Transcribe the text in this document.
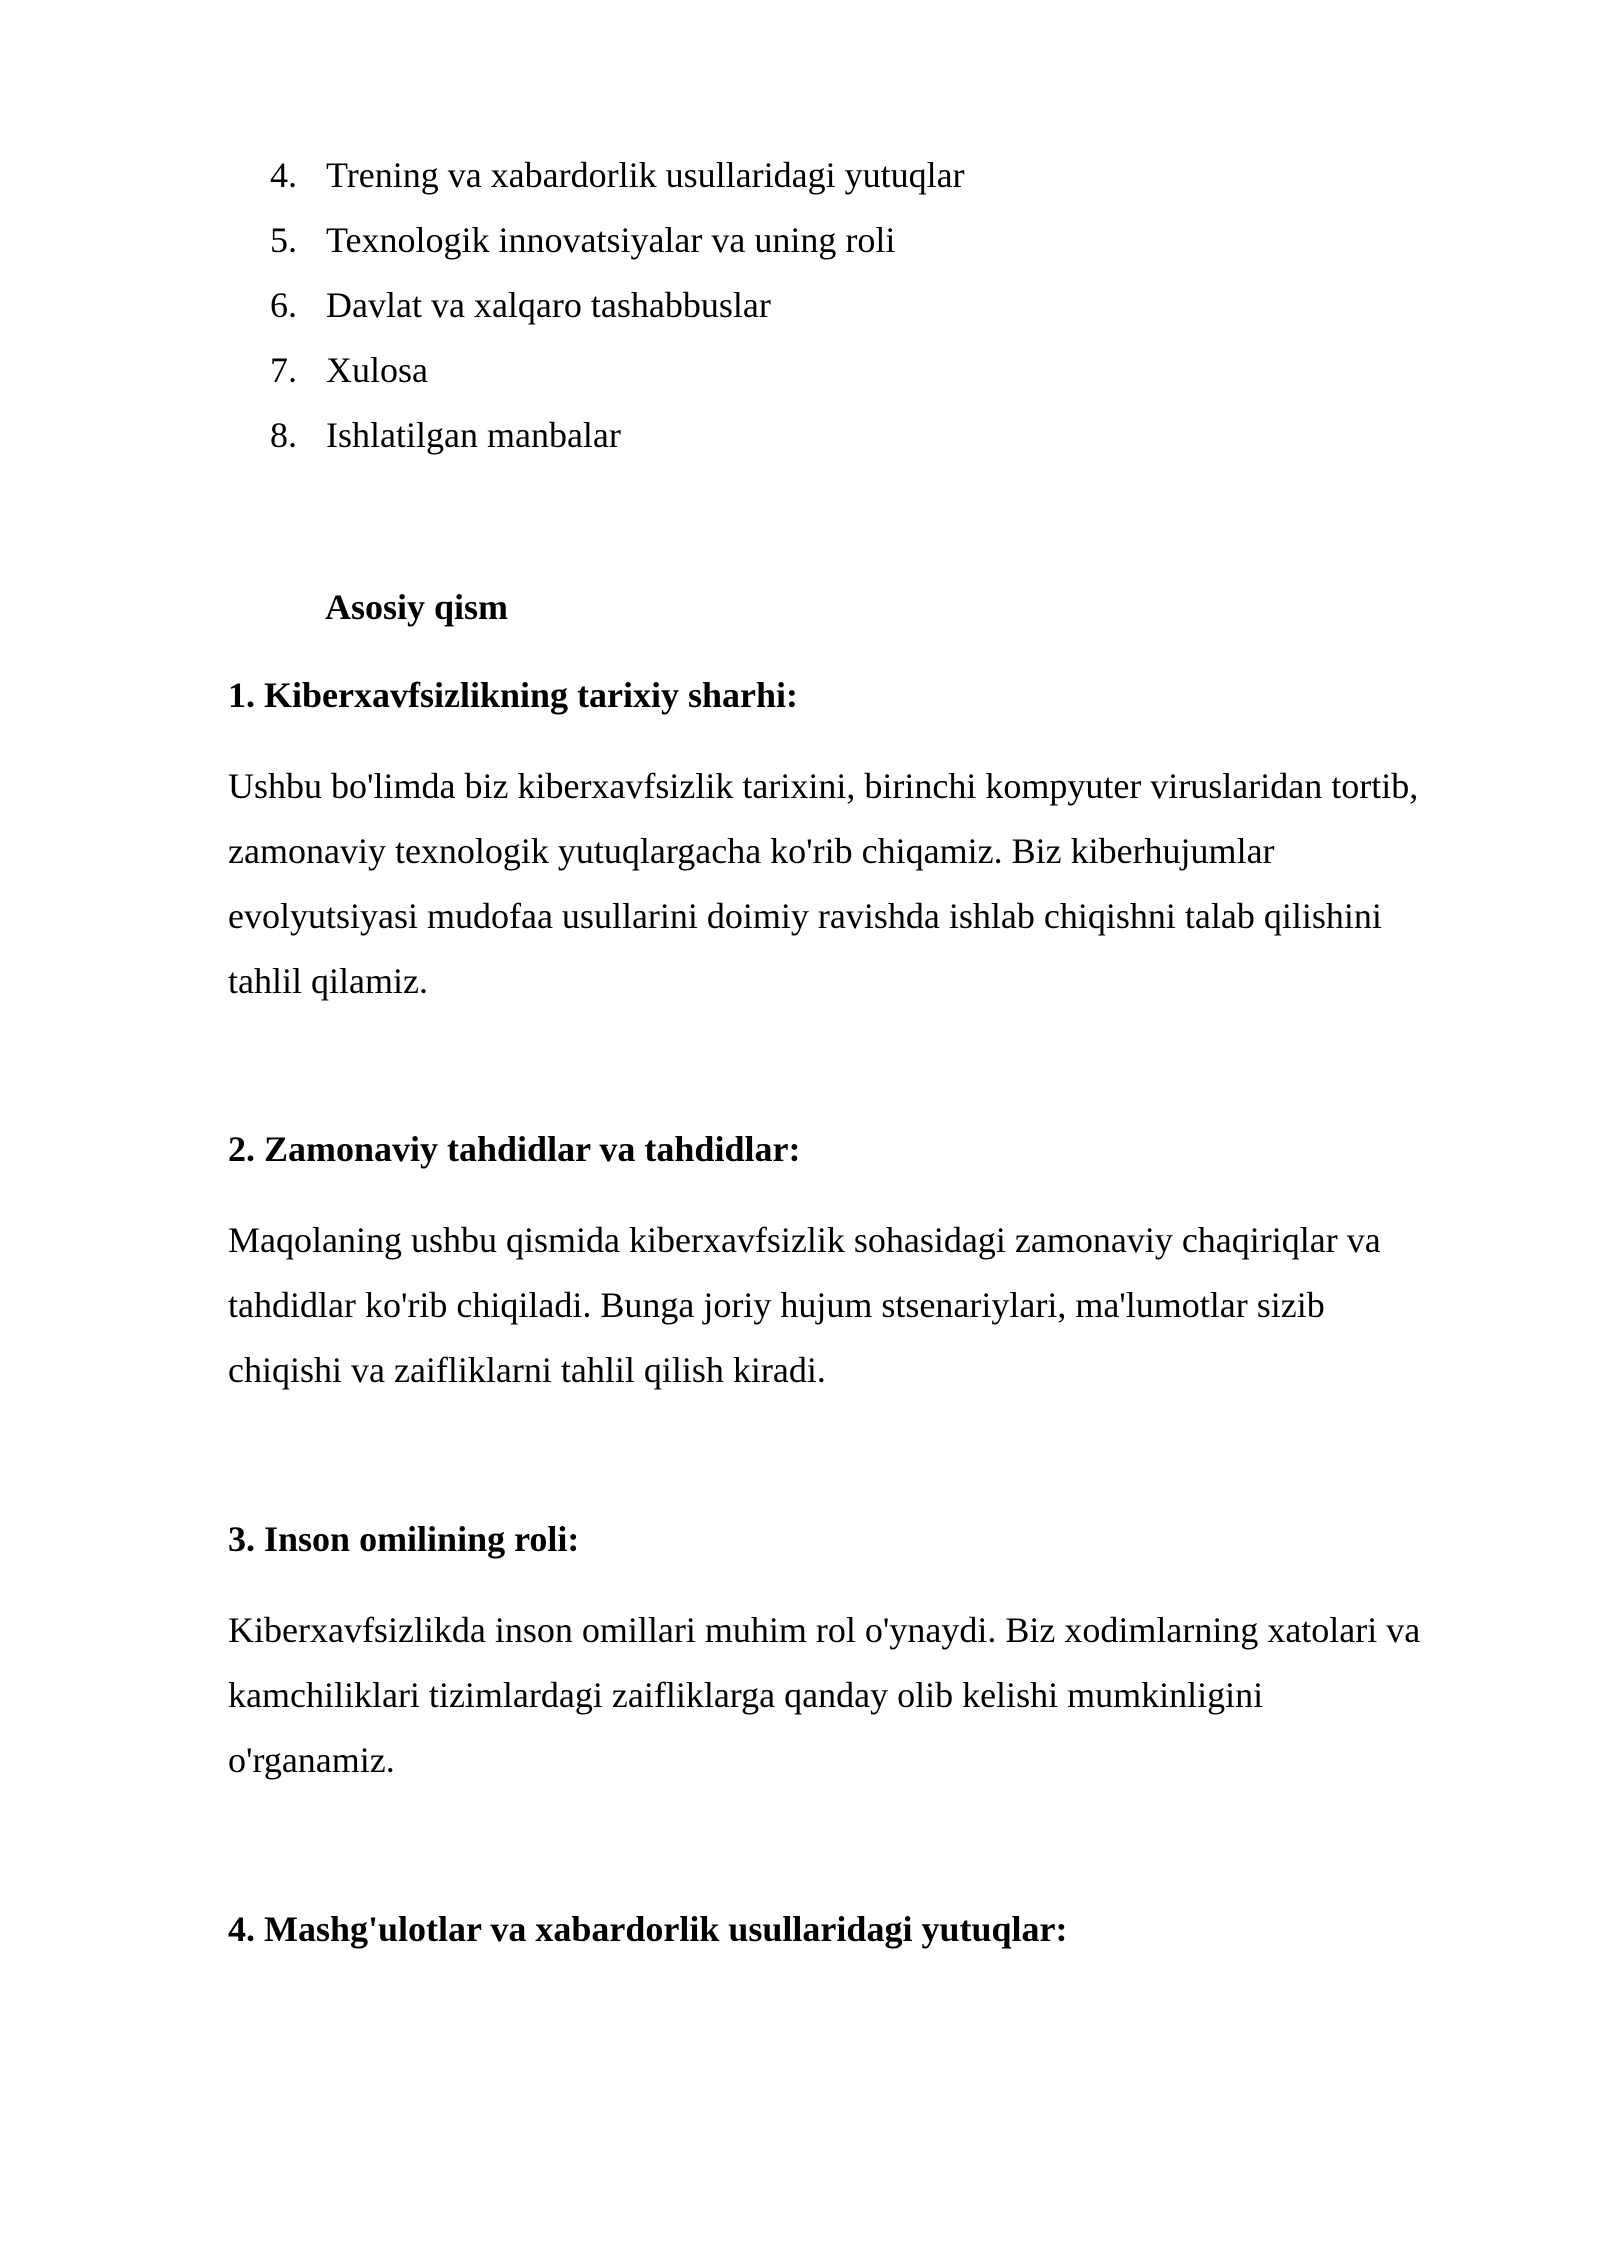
4. Trening va xabardorlik usullaridagi yutuqlar
5. Texnologik innovatsiyalar va uning roli
6. Davlat va xalqaro tashabbuslar
7. Xulosa
8. Ishlatilgan manbalar
Asosiy qism
1. Kiberxavfsizlikning tarixiy sharhi:

Ushbu bo'limda biz kiberxavfsizlik tarixini, birinchi kompyuter viruslaridan tortib,
zamonaviy texnologik yutuqlargacha ko'rib chiqamiz. Biz kiberhujumlar
evolyutsiyasi mudofaa usullarini doimiy ravishda ishlab chiqishni talab qilishini
tahlil qilamiz.

2. Zamonaviy tahdidlar va tahdidlar:

Maqolaning ushbu qismida kiberxavfsizlik sohasidagi zamonaviy chaqiriqlar va
tahdidlar ko'rib chiqiladi. Bunga joriy hujum stsenariylari, ma'lumotlar sizib
chiqishi va zaifliklarni tahlil qilish kiradi.

3. Inson omilining roli:

Kiberxavfsizlikda inson omillari muhim rol o'ynaydi. Biz xodimlarning xatolari va
kamchiliklari tizimlardagi zaifliklarga qanday olib kelishi mumkinligini
o'rganamiz.

4. Mashg'ulotlar va xabardorlik usullaridagi yutuqlar:
